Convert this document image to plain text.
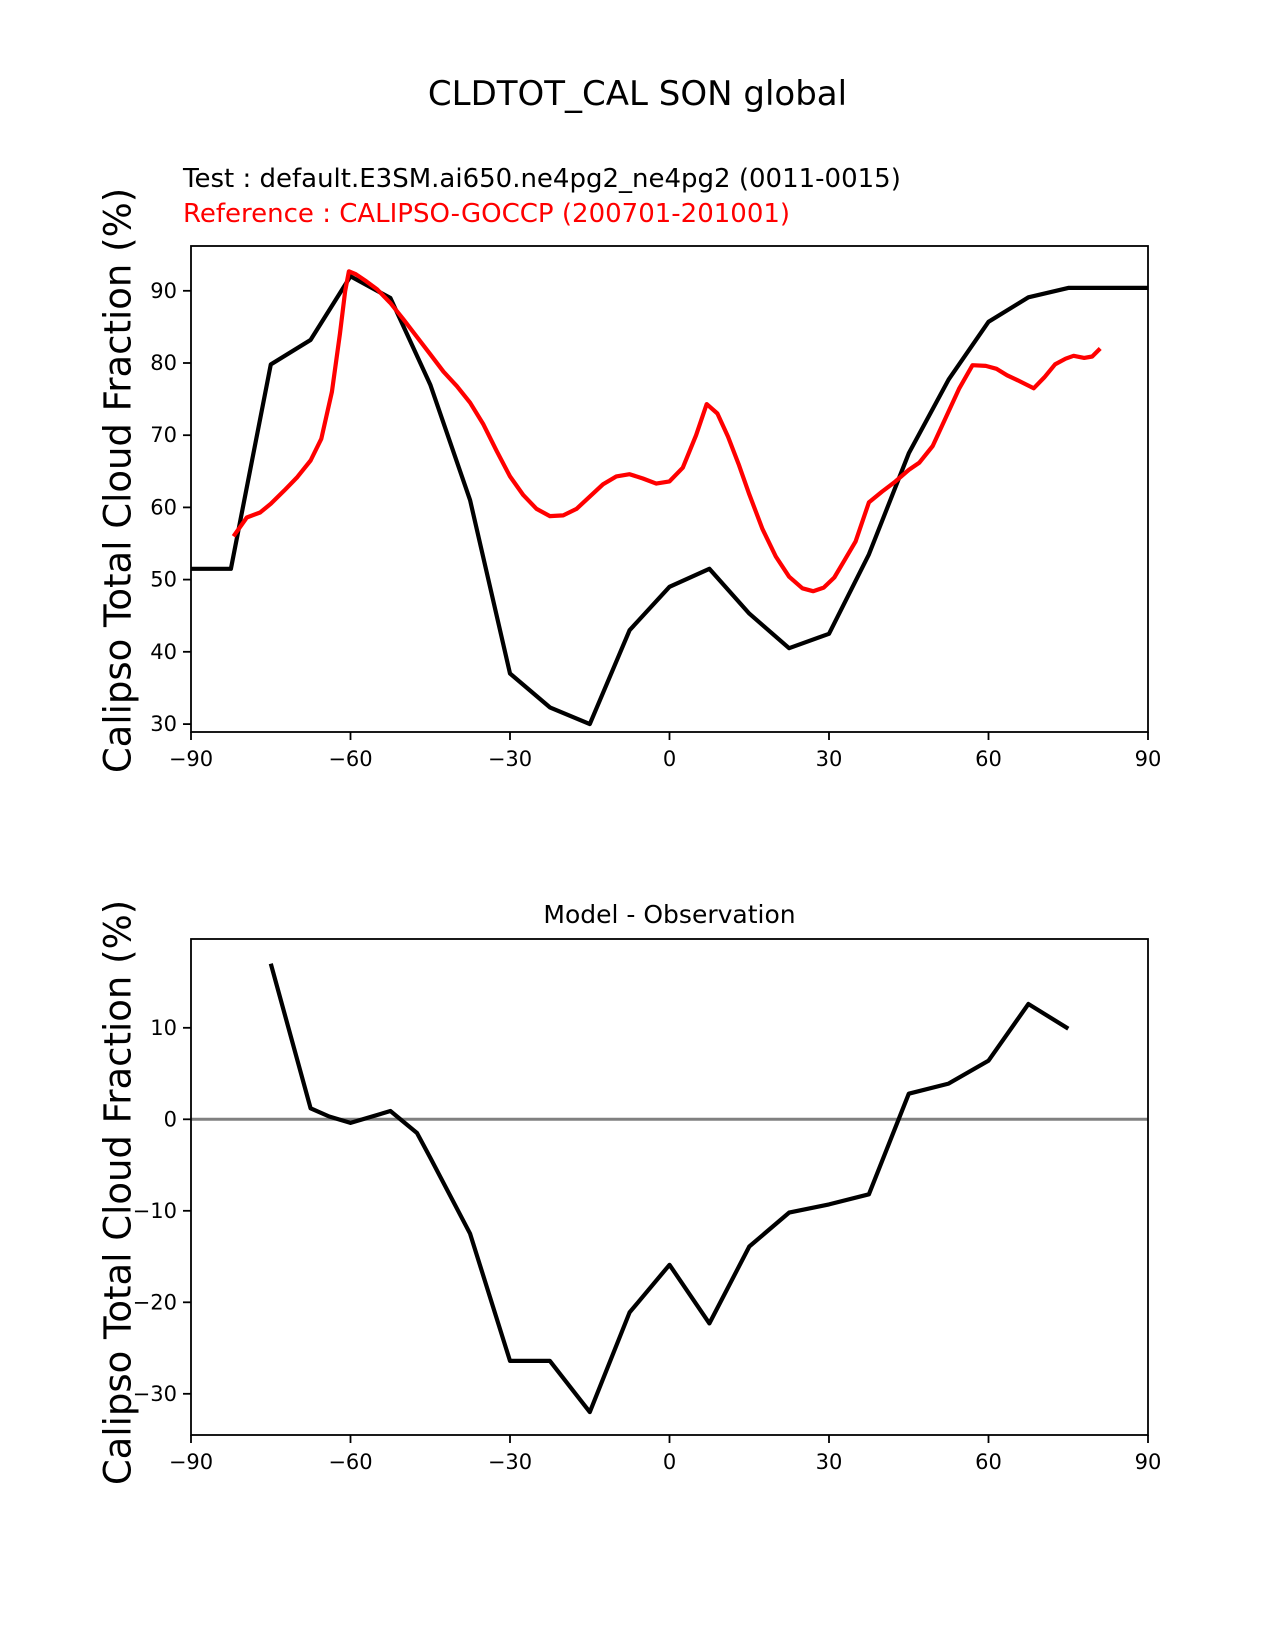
CLDTOT_CAL SON global
Test : default.E3SM.ai650.ne4pg2_ne4pg2 (0011-0015)
Reference : CALIPSO-GOCCP (200701-201001)
Calipso Total Cloud Fraction (%)
Calipso Total Cloud Fraction (%)	Model - Observation
−90	−60	−30	0	30	60	90
30
40
50
60
70
80
90
−90	−60	−30	0	30	60	90
10
0
−10
−20
−30
